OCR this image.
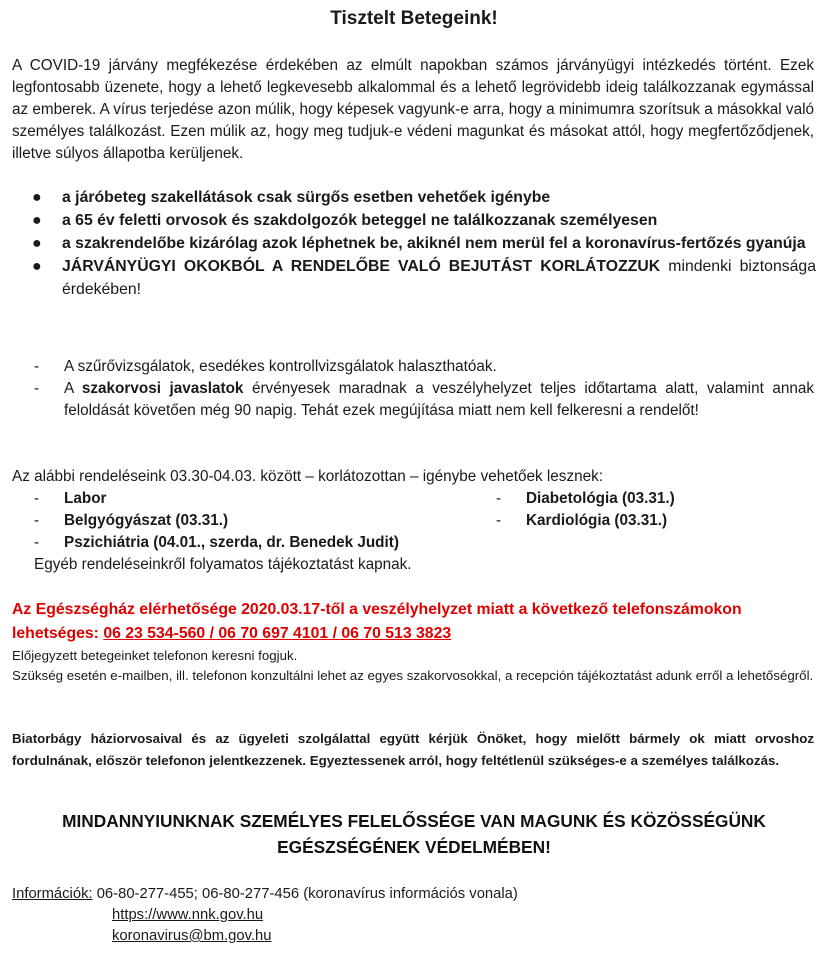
Tisztelt Betegeink!
A COVID-19 járvány megfékezése érdekében az elmúlt napokban számos járványügyi intézkedés történt. Ezek legfontosabb üzenete, hogy a lehető legkevesebb alkalommal és a lehető legrövidebb ideig találkozzanak egymással az emberek. A vírus terjedése azon múlik, hogy képesek vagyunk-e arra, hogy a minimumra szorítsuk a másokkal való személyes találkozást. Ezen múlik az, hogy meg tudjuk-e védeni magunkat és másokat attól, hogy megfertőződjenek, illetve súlyos állapotba kerüljenek.
● a járóbeteg szakellátások csak sürgős esetben vehetőek igénybe
● a 65 év feletti orvosok és szakdolgozók beteggel ne találkozzanak személyesen
● a szakrendelőbe kizárólag azok léphetnek be, akiknél nem merül fel a koronavírus-fertőzés gyanúja
● JÁRVÁNYÜGYI OKOKBÓL A RENDELŐBE VALÓ BEJUTÁST KORLÁTOZZUK mindenki biztonsága érdekében!
- A szűrővizsgálatok, esedékes kontrollvizsgálatok halaszthatóak.
- A szakorvosi javaslatok érvényesek maradnak a veszélyhelyzet teljes időtartama alatt, valamint annak feloldását követően még 90 napig. Tehát ezek megújítása miatt nem kell felkeresni a rendelőt!
Az alábbi rendeléseink 03.30-04.03. között – korlátozottan – igénybe vehetőek lesznek:
- Labor
- Belgyógyászat (03.31.)
- Pszichiátria (04.01., szerda, dr. Benedek Judit)
- Diabetológia (03.31.)
- Kardiológia (03.31.)
Egyéb rendeléseinkről folyamatos tájékoztatást kapnak.
Az Egészségház elérhetősége 2020.03.17-től a veszélyhelyzet miatt a következő telefonszámokon lehetséges: 06 23 534-560 / 06 70 697 4101 / 06 70 513 3823
Előjegyzett betegeinket telefonon keresni fogjuk.
Szükség esetén e-mailben, ill. telefonon konzultálni lehet az egyes szakorvosokkal, a recepción tájékoztatást adunk erről a lehetőségről.
Biatorbágy háziorvosaival és az ügyeleti szolgálattal együtt kérjük Önöket, hogy mielőtt bármely ok miatt orvoshoz fordulnának, először telefonon jelentkezzenek. Egyeztessenek arról, hogy feltétlenül szükséges-e a személyes találkozás.
MINDANNYIUNKNAK SZEMÉLYES FELELŐSSÉGE VAN MAGUNK ÉS KÖZÖSSÉGÜNK
EGÉSZSÉGÉNEK VÉDELMÉBEN!
Információk: 06-80-277-455; 06-80-277-456 (koronavírus információs vonala)
https://www.nnk.gov.hu
koronavirus@bm.gov.hu
